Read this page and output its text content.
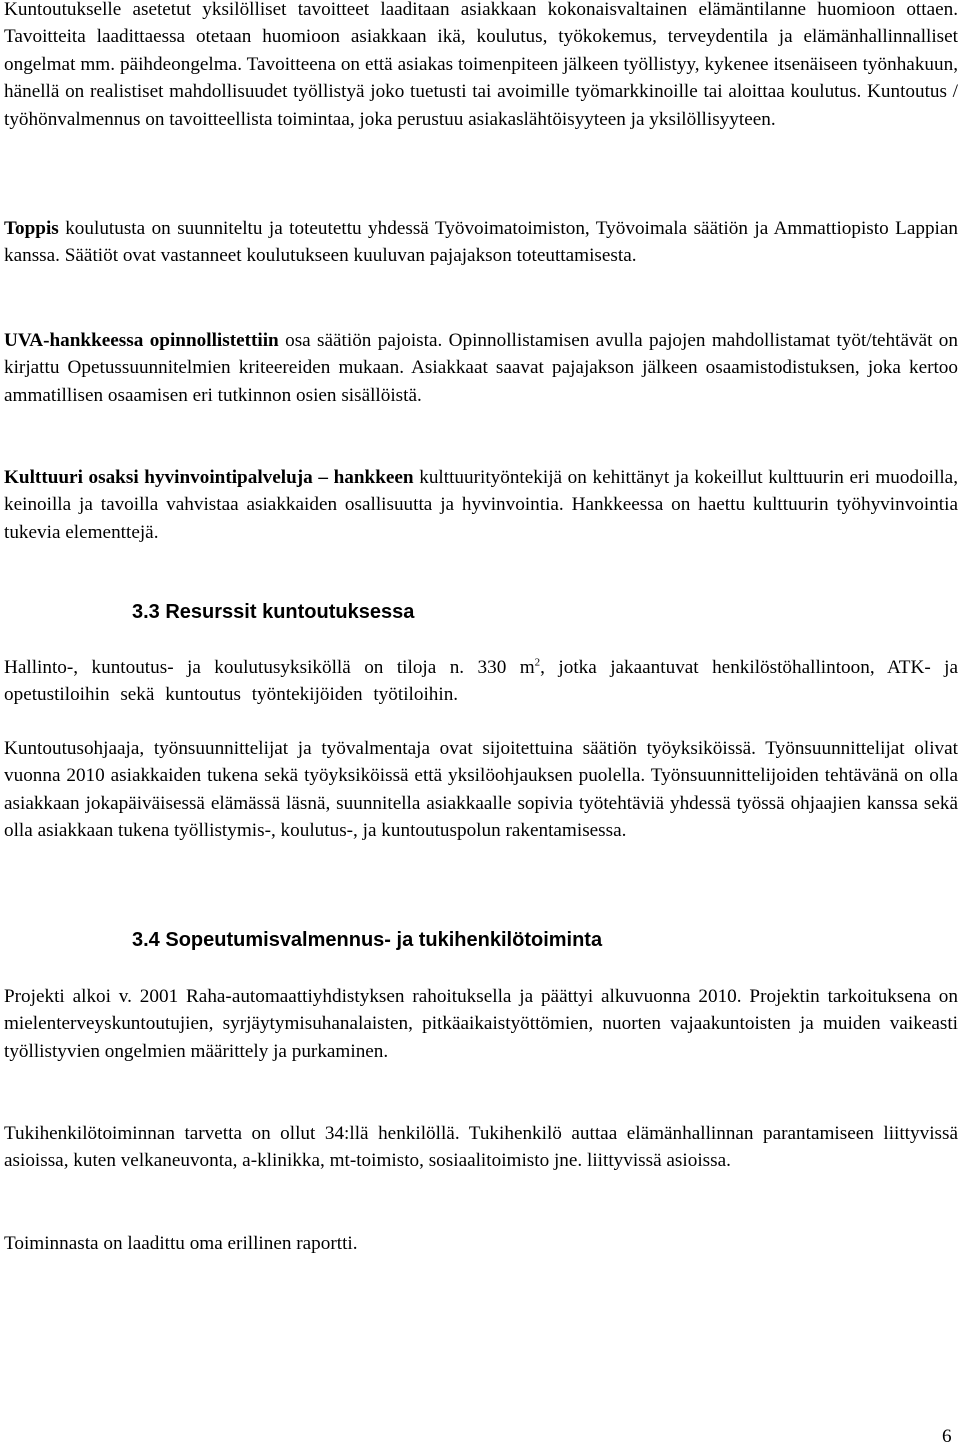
Kuntoutukselle asetetut yksilölliset tavoitteet laaditaan asiakkaan kokonaisvaltainen elämäntilanne huomioon ottaen. Tavoitteita laadittaessa otetaan huomioon asiakkaan ikä, koulutus, työkokemus, terveydentila ja elämänhallinnalliset ongelmat mm. päihdeongelma. Tavoitteena on että asiakas toimenpiteen jälkeen työllistyy, kykenee itsenäiseen työnhakuun, hänellä on realistiset mahdollisuudet työllistyä joko tuetusti tai avoimille työmarkkinoille tai aloittaa koulutus. Kuntoutus / työhönvalmennus on tavoitteellista toimintaa, joka perustuu asiakaslähtöisyyteen ja yksilöllisyyteen.

Toppis koulutusta on suunniteltu ja toteutettu yhdessä Työvoimatoimiston, Työvoimala säätiön ja Ammattiopisto Lappian kanssa. Säätiöt ovat vastanneet koulutukseen kuuluvan pajajakson toteuttamisesta.

UVA-hankkeessa opinnollistettiin osa säätiön pajoista. Opinnollistamisen avulla pajojen mahdollistamat työt/tehtävät on kirjattu Opetussuunnitelmien kriteereiden mukaan. Asiakkaat saavat pajajakson jälkeen osaamistodistuksen, joka kertoo ammatillisen osaamisen eri tutkinnon osien sisällöistä.

Kulttuuri osaksi hyvinvointipalveluja – hankkeen kulttuurityöntekijä on kehittänyt ja kokeillut kulttuurin eri muodoilla, keinoilla ja tavoilla vahvistaa asiakkaiden osallisuutta ja hyvinvointia. Hankkeessa on haettu kulttuurin työhyvinvointia tukevia elementtejä.

3.3 Resurssit kuntoutuksessa

Hallinto-, kuntoutus- ja koulutusyksiköllä on tiloja n. 330 $m^2$, jotka jakaantuvat henkilöstöhallintoon, ATK- ja opetustiloihin sekä kuntoutus työntekijöiden työtiloihin.

Kuntoutusohjaaja, työnsuunnittelijat ja työvalmentaja ovat sijoitettuina säätiön työyksiköissä. Työnsuunnittelijat olivat vuonna 2010 asiakkaiden tukena sekä työyksiköissä että yksilöohjauksen puolella. Työnsuunnittelijoiden tehtävänä on olla asiakkaan jokapäiväisessä elämässä läsnä, suunnitella asiakkaalle sopivia työtehtäviä yhdessä työssä ohjaajien kanssa sekä olla asiakkaan tukena työllistymis-, koulutus-, ja kuntoutuspolun rakentamisessa.

3.4 Sopeutumisvalmennus- ja tukihenkilötoiminta

Projekti alkoi v. 2001 Raha-automaattiyhdistyksen rahoituksella ja päättyi alkuvuonna 2010. Projektin tarkoituksena on mielenterveyskuntoutujien, syrjäytymisuhanalaisten, pitkäaikaistyöttömien, nuorten vajaakuntoisten ja muiden vaikeasti työllistyvien ongelmien määrittely ja purkaminen.

Tukihenkilötoiminnan tarvetta on ollut 34:llä henkilöllä. Tukihenkilö auttaa elämänhallinnan parantamiseen liittyvissä asioissa, kuten velkaneuvonta, a-klinikka, mt-toimisto, sosiaalitoimisto jne. liittyvissä asioissa.

Toiminnasta on laadittu oma erillinen raportti.

6
